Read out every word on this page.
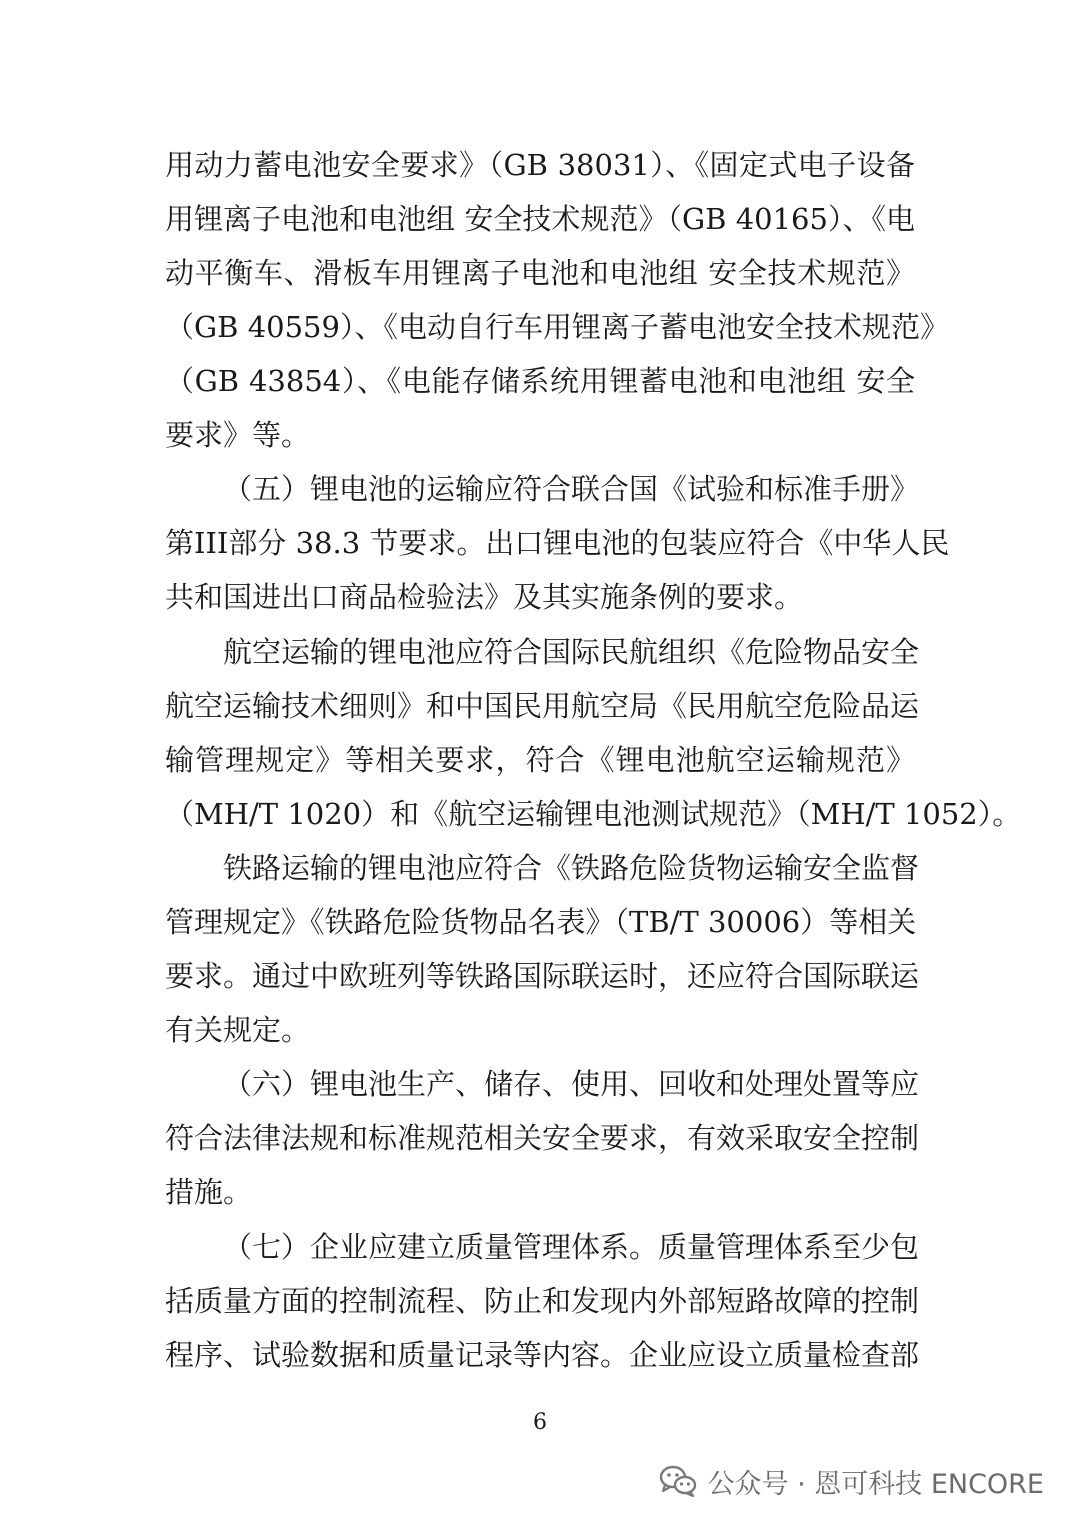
用动力蓄电池安全要求》（GB 38031）、《固定式电子设备
用锂离子电池和电池组 安全技术规范》（GB 40165）、《电
动平衡车、滑板车用锂离子电池和电池组 安全技术规范》
（GB 40559）、《电动自行车用锂离子蓄电池安全技术规范》
（GB 43854）、《电能存储系统用锂蓄电池和电池组 安全
要求》等。
（五）锂电池的运输应符合联合国《试验和标准手册》
第III部分 38.3 节要求。出口锂电池的包装应符合《中华人民
共和国进出口商品检验法》及其实施条例的要求。
航空运输的锂电池应符合国际民航组织《危险物品安全
航空运输技术细则》和中国民用航空局《民用航空危险品运
输管理规定》等相关要求，符合《锂电池航空运输规范》
（MH/T 1020）和《航空运输锂电池测试规范》（MH/T 1052）。
铁路运输的锂电池应符合《铁路危险货物运输安全监督
管理规定》《铁路危险货物品名表》（TB/T 30006）等相关
要求。通过中欧班列等铁路国际联运时，还应符合国际联运
有关规定。
（六）锂电池生产、储存、使用、回收和处理处置等应
符合法律法规和标准规范相关安全要求，有效采取安全控制
措施。
（七）企业应建立质量管理体系。质量管理体系至少包
括质量方面的控制流程、防止和发现内外部短路故障的控制
程序、试验数据和质量记录等内容。企业应设立质量检查部
6
公众号 · 恩可科技 ENCORE
